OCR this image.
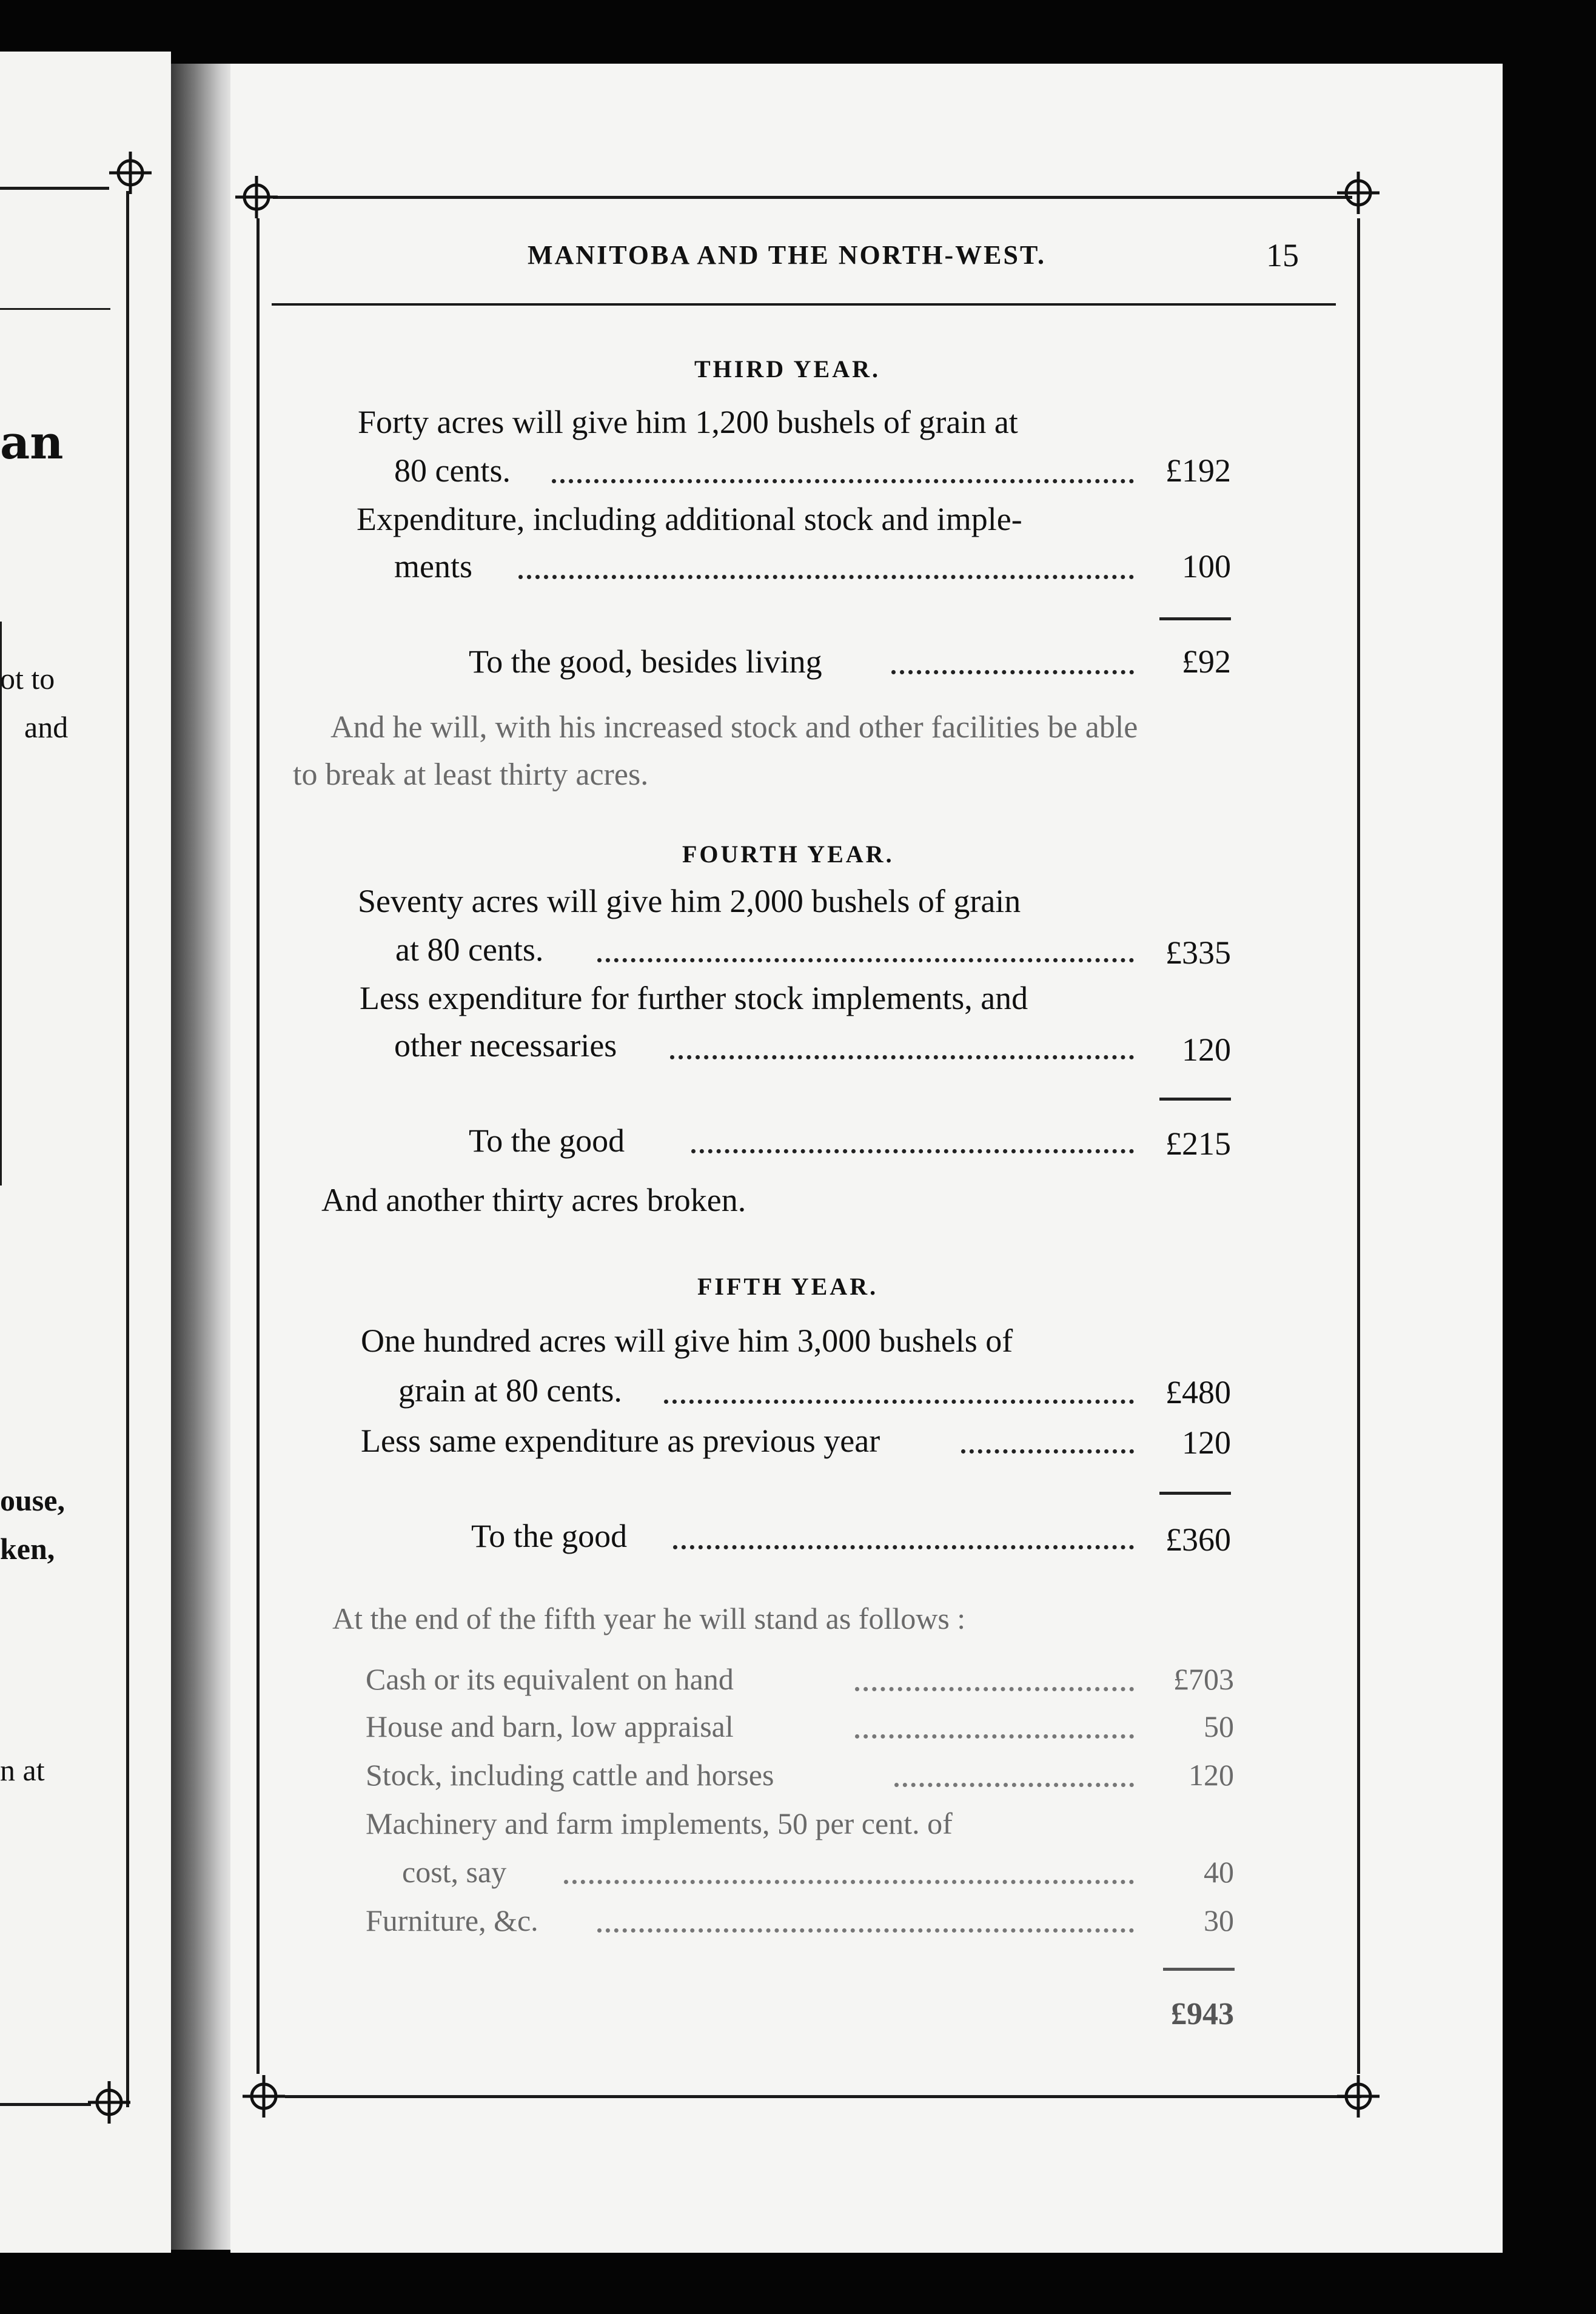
an
ot to
and
ouse,
ken,
n at
MANITOBA AND THE NORTH-WEST.	15
THIRD YEAR.
Forty acres will give him 1,200 bushels of grain at
80 cents.	£192
Expenditure, including additional stock and imple-
ments	100
To the good, besides living	£92
And he will, with his increased stock and other facilities be able
to break at least thirty acres.
FOURTH YEAR.
Seventy acres will give him 2,000 bushels of grain
at 80 cents.	£335
Less expenditure for further stock implements, and
other necessaries	120
To the good	£215
And another thirty acres broken.
FIFTH YEAR.
One hundred acres will give him 3,000 bushels of
grain at 80 cents.	£480
Less same expenditure as previous year	120
To the good	£360
At the end of the fifth year he will stand as follows :
Cash or its equivalent on hand	£703
House and barn, low appraisal	50
Stock, including cattle and horses	120
Machinery and farm implements, 50 per cent. of
cost, say	40
Furniture, &c.	30
£943
